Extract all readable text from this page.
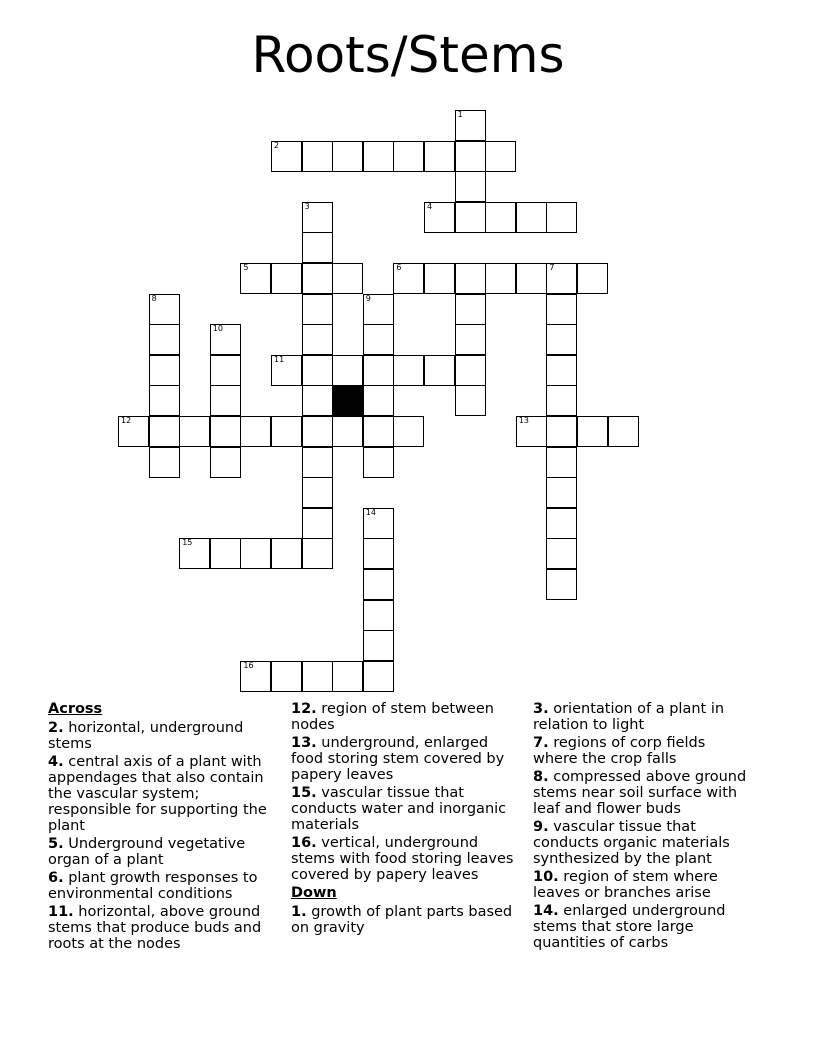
Roots/Stems
1
2
3	4
5	6	7
8	9
10
11
12	13
14
15
16
Across
2. horizontal, underground stems
4. central axis of a plant with appendages that also contain the vascular system; responsible for supporting the plant
5. Underground vegetative organ of a plant
6. plant growth responses to environmental conditions
11. horizontal, above ground stems that produce buds and roots at the nodes
12. region of stem between nodes
13. underground, enlarged food storing stem covered by papery leaves
15. vascular tissue that conducts water and inorganic materials
16. vertical, underground stems with food storing leaves covered by papery leaves
Down
1. growth of plant parts based on gravity
3. orientation of a plant in relation to light
7. regions of corp fields where the crop falls
8. compressed above ground stems near soil surface with leaf and flower buds
9. vascular tissue that conducts organic materials synthesized by the plant
10. region of stem where leaves or branches arise
14. enlarged underground stems that store large quantities of carbs
